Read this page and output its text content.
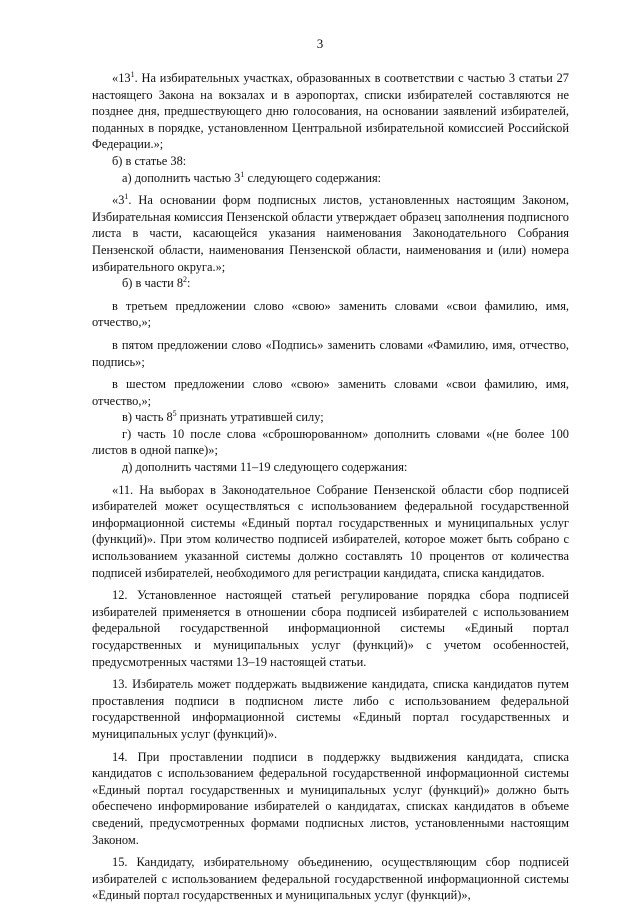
3

«$13^1$. На избирательных участках, образованных в соответствии с частью 3 статьи 27 настоящего Закона на вокзалах и в аэропортах, списки избирателей составляются не позднее дня, предшествующего дню голосования, на основании заявлений избирателей, поданных в порядке, установленном Центральной избирательной комиссией Российской Федерации.»;

б) в статье 38:

а) дополнить частью $3^1$ следующего содержания:

«$3^1$. На основании форм подписных листов, установленных настоящим Законом, Избирательная комиссия Пензенской области утверждает образец заполнения подписного листа в части, касающейся указания наименования Законодательного Собрания Пензенской области, наименования Пензенской области, наименования и (или) номера избирательного округа.»;

б) в части $8^2$:

в третьем предложении слово «свою» заменить словами «свои фамилию, имя, отчество,»;

в пятом предложении слово «Подпись» заменить словами «Фамилию, имя, отчество, подпись»;

в шестом предложении слово «свою» заменить словами «свои фамилию, имя, отчество,»;

в) часть $8^5$ признать утратившей силу;

г) часть 10 после слова «сброшюрованном» дополнить словами «(не более 100 листов в одной папке)»;

д) дополнить частями 11–19 следующего содержания:

«11. На выборах в Законодательное Собрание Пензенской области сбор подписей избирателей может осуществляться с использованием федеральной государственной информационной системы «Единый портал государственных и муниципальных услуг (функций)». При этом количество подписей избирателей, которое может быть собрано с использованием указанной системы должно составлять 10 процентов от количества подписей избирателей, необходимого для регистрации кандидата, списка кандидатов.

12. Установленное настоящей статьей регулирование порядка сбора подписей избирателей применяется в отношении сбора подписей избирателей с использованием федеральной государственной информационной системы «Единый портал государственных и муниципальных услуг (функций)» с учетом особенностей, предусмотренных частями 13–19 настоящей статьи.

13. Избиратель может поддержать выдвижение кандидата, списка кандидатов путем проставления подписи в подписном листе либо с использованием федеральной государственной информационной системы «Единый портал государственных и муниципальных услуг (функций)».

14. При проставлении подписи в поддержку выдвижения кандидата, списка кандидатов с использованием федеральной государственной информационной системы «Единый портал государственных и муниципальных услуг (функций)» должно быть обеспечено информирование избирателей о кандидатах, списках кандидатов в объеме сведений, предусмотренных формами подписных листов, установленными настоящим Законом.

15. Кандидату, избирательному объединению, осуществляющим сбор подписей избирателей с использованием федеральной государственной информационной системы «Единый портал государственных и муниципальных услуг (функций)»,
